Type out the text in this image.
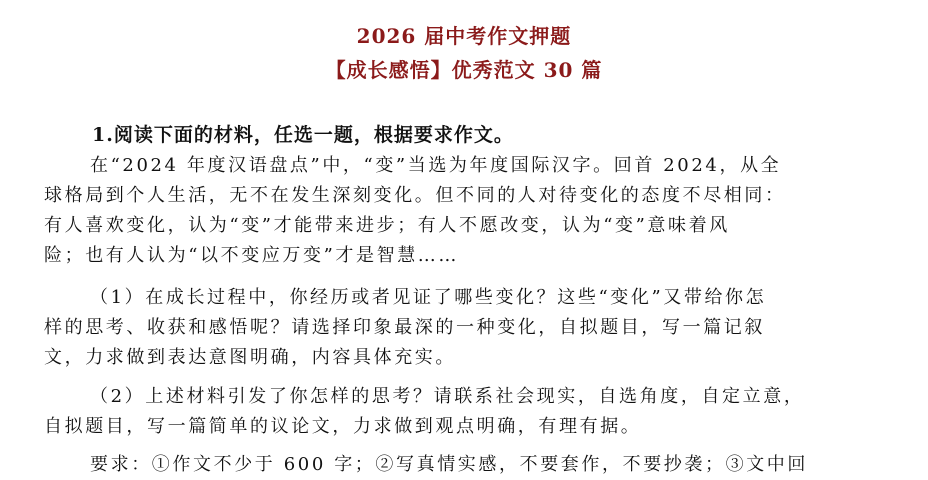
2026 届中考作文押题
【成长感悟】优秀范文 30 篇
1.阅读下面的材料，任选一题，根据要求作文。
在“2024 年度汉语盘点”中，“变”当选为年度国际汉字。回首 2024，从全
球格局到个人生活，无不在发生深刻变化。但不同的人对待变化的态度不尽相同：
有人喜欢变化，认为“变”才能带来进步；有人不愿改变，认为“变”意味着风
险；也有人认为“以不变应万变”才是智慧……
（1）在成长过程中，你经历或者见证了哪些变化？这些“变化”又带给你怎
样的思考、收获和感悟呢？请选择印象最深的一种变化，自拟题目，写一篇记叙
文，力求做到表达意图明确，内容具体充实。
（2）上述材料引发了你怎样的思考？请联系社会现实，自选角度，自定立意，
自拟题目，写一篇简单的议论文，力求做到观点明确，有理有据。
要求：①作文不少于 600 字；②写真情实感，不要套作，不要抄袭；③文中回
